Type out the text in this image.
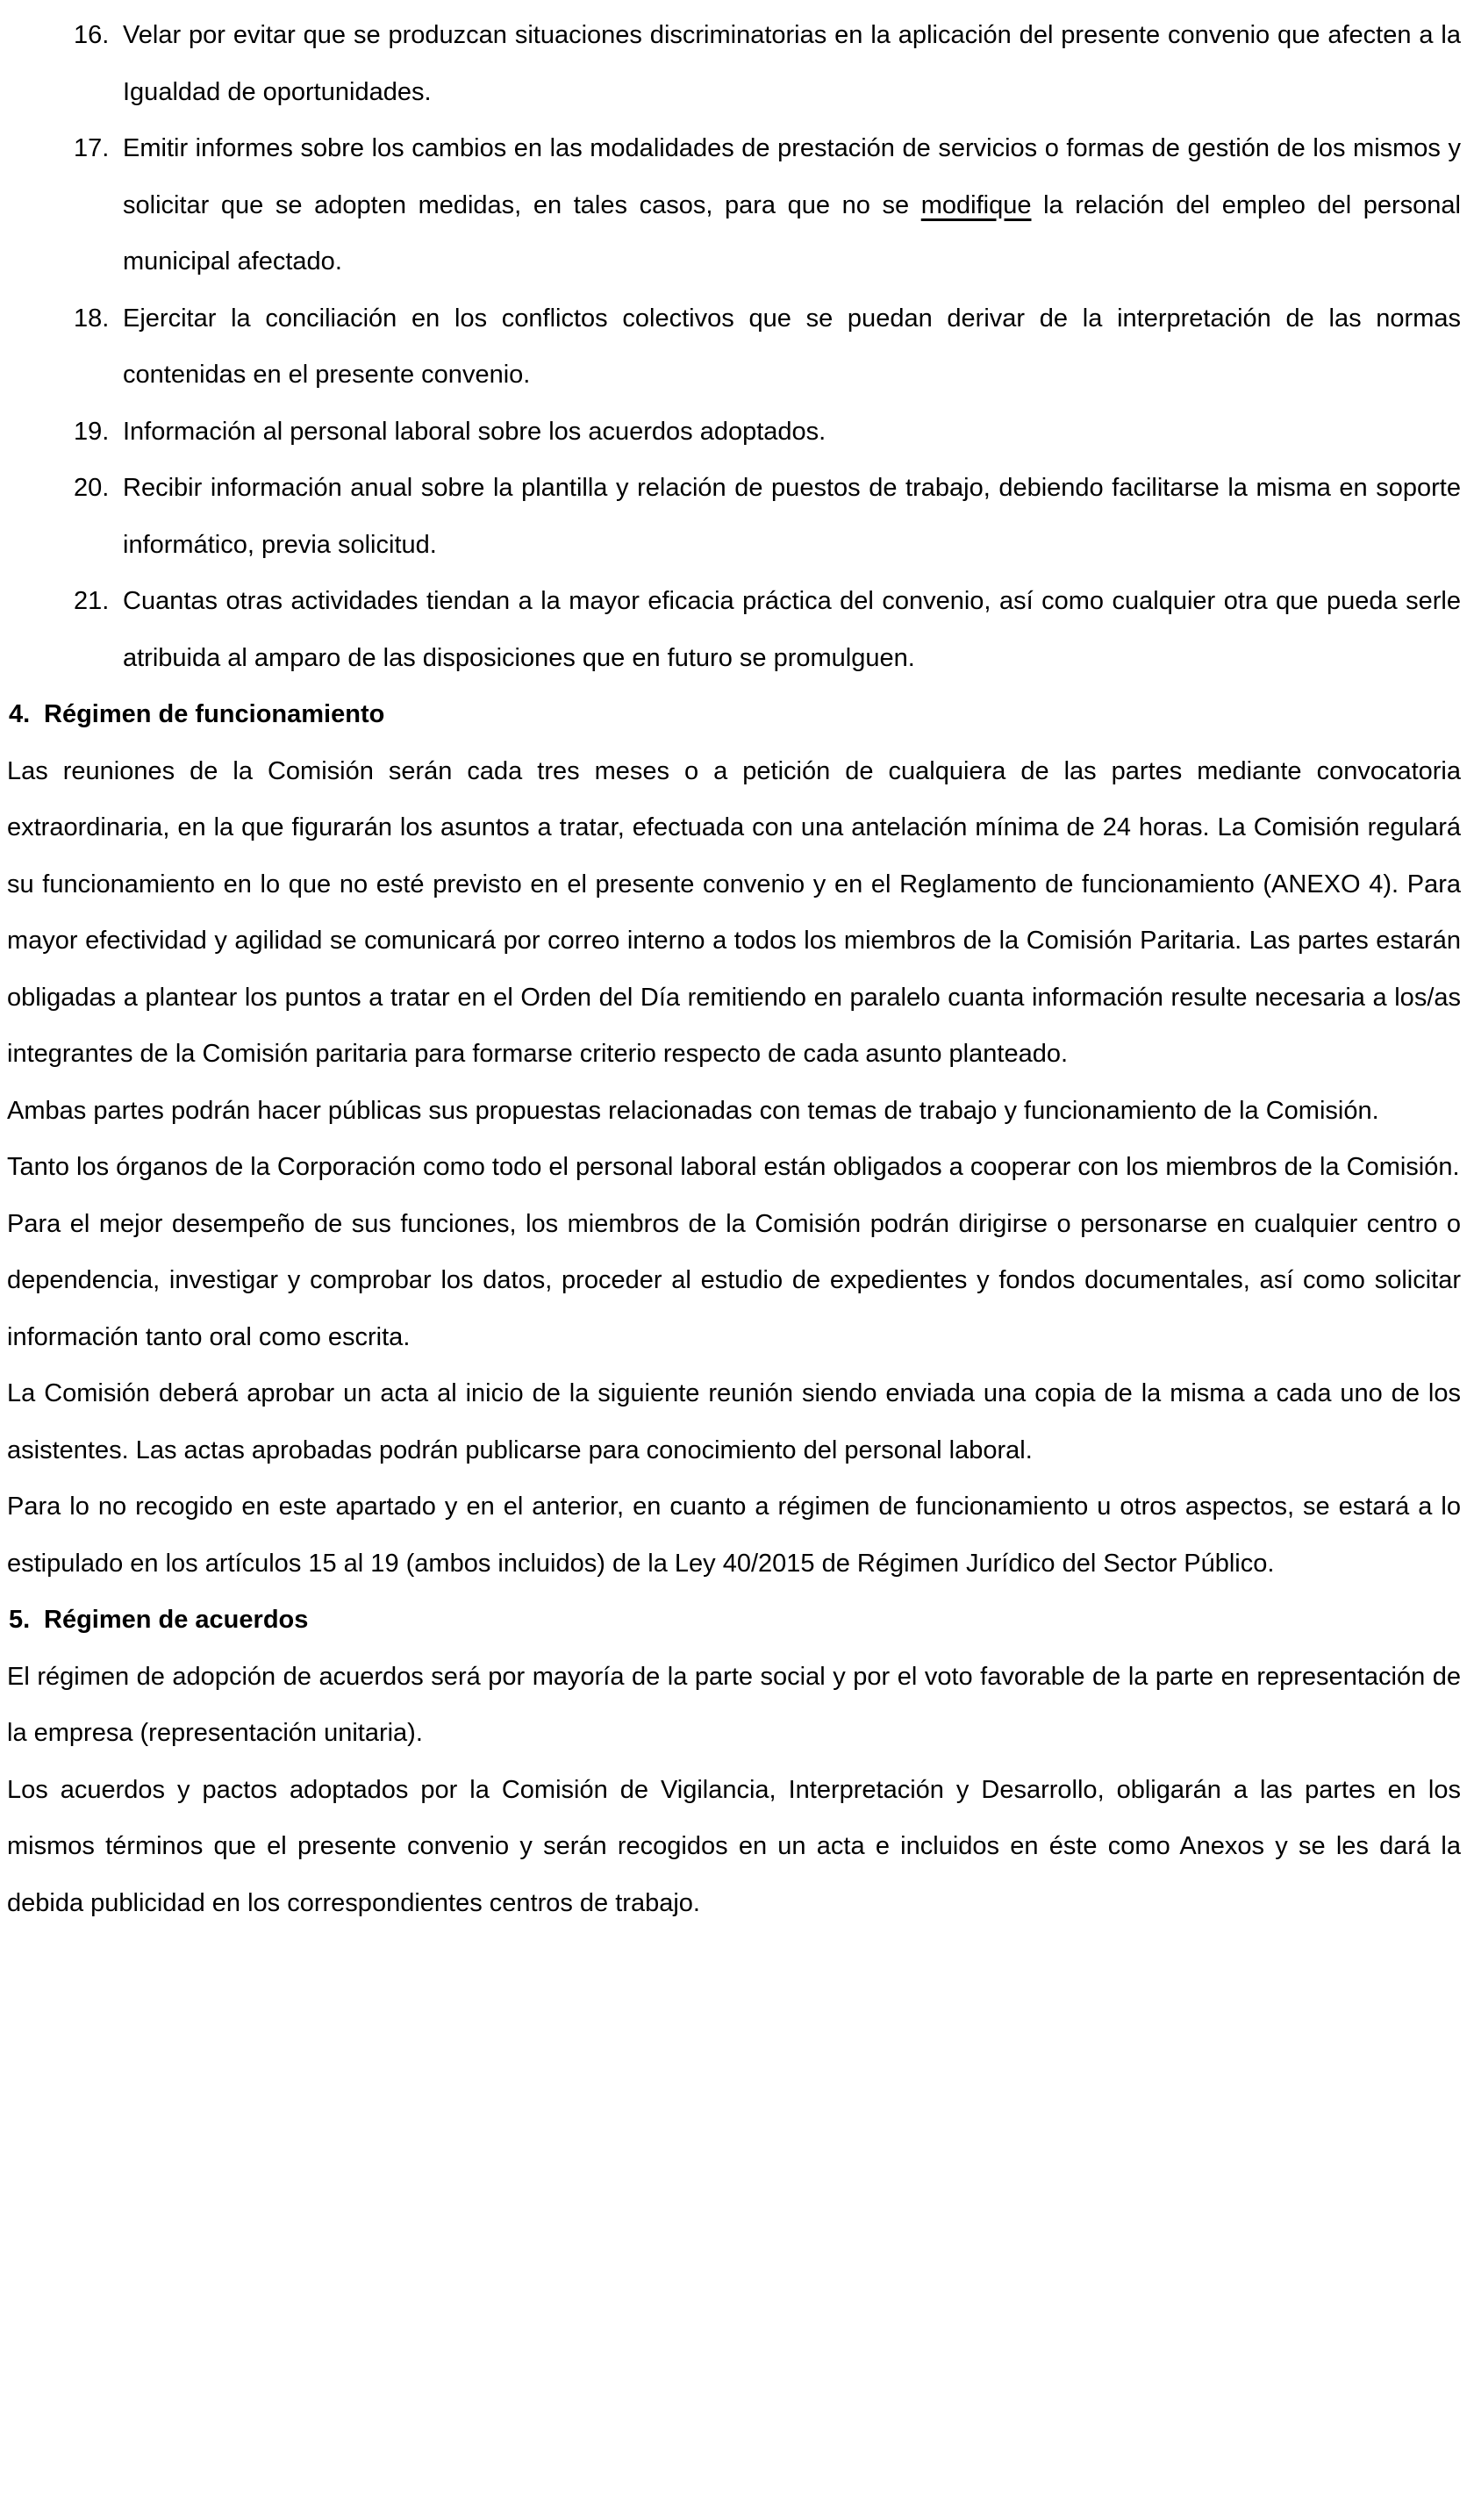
16. Velar por evitar que se produzcan situaciones discriminatorias en la aplicación del presente convenio que afecten a la Igualdad de oportunidades.
17. Emitir informes sobre los cambios en las modalidades de prestación de servicios o formas de gestión de los mismos y solicitar que se adopten medidas, en tales casos, para que no se modifique la relación del empleo del personal municipal afectado.
18. Ejercitar la conciliación en los conflictos colectivos que se puedan derivar de la interpretación de las normas contenidas en el presente convenio.
19. Información al personal laboral sobre los acuerdos adoptados.
20. Recibir información anual sobre la plantilla y relación de puestos de trabajo, debiendo facilitarse la misma en soporte informático, previa solicitud.
21. Cuantas otras actividades tiendan a la mayor eficacia práctica del convenio, así como cualquier otra que pueda serle atribuida al amparo de las disposiciones que en futuro se promulguen.
4. Régimen de funcionamiento

Las reuniones de la Comisión serán cada tres meses o a petición de cualquiera de las partes mediante convocatoria extraordinaria, en la que figurarán los asuntos a tratar, efectuada con una antelación mínima de 24 horas. La Comisión regulará su funcionamiento en lo que no esté previsto en el presente convenio y en el Reglamento de funcionamiento (ANEXO 4). Para mayor efectividad y agilidad se comunicará por correo interno a todos los miembros de la Comisión Paritaria. Las partes estarán obligadas a plantear los puntos a tratar en el Orden del Día remitiendo en paralelo cuanta información resulte necesaria a los/as integrantes de la Comisión paritaria para formarse criterio respecto de cada asunto planteado.

Ambas partes podrán hacer públicas sus propuestas relacionadas con temas de trabajo y funcionamiento de la Comisión.

Tanto los órganos de la Corporación como todo el personal laboral están obligados a cooperar con los miembros de la Comisión.

Para el mejor desempeño de sus funciones, los miembros de la Comisión podrán dirigirse o personarse en cualquier centro o dependencia, investigar y comprobar los datos, proceder al estudio de expedientes y fondos documentales, así como solicitar información tanto oral como escrita.

La Comisión deberá aprobar un acta al inicio de la siguiente reunión siendo enviada una copia de la misma a cada uno de los asistentes. Las actas aprobadas podrán publicarse para conocimiento del personal laboral.

Para lo no recogido en este apartado y en el anterior, en cuanto a régimen de funcionamiento u otros aspectos, se estará a lo estipulado en los artículos 15 al 19 (ambos incluidos) de la Ley 40/2015 de Régimen Jurídico del Sector Público.

5. Régimen de acuerdos

El régimen de adopción de acuerdos será por mayoría de la parte social y por el voto favorable de la parte en representación de la empresa (representación unitaria).

Los acuerdos y pactos adoptados por la Comisión de Vigilancia, Interpretación y Desarrollo, obligarán a las partes en los mismos términos que el presente convenio y serán recogidos en un acta e incluidos en éste como Anexos y se les dará la debida publicidad en los correspondientes centros de trabajo.
